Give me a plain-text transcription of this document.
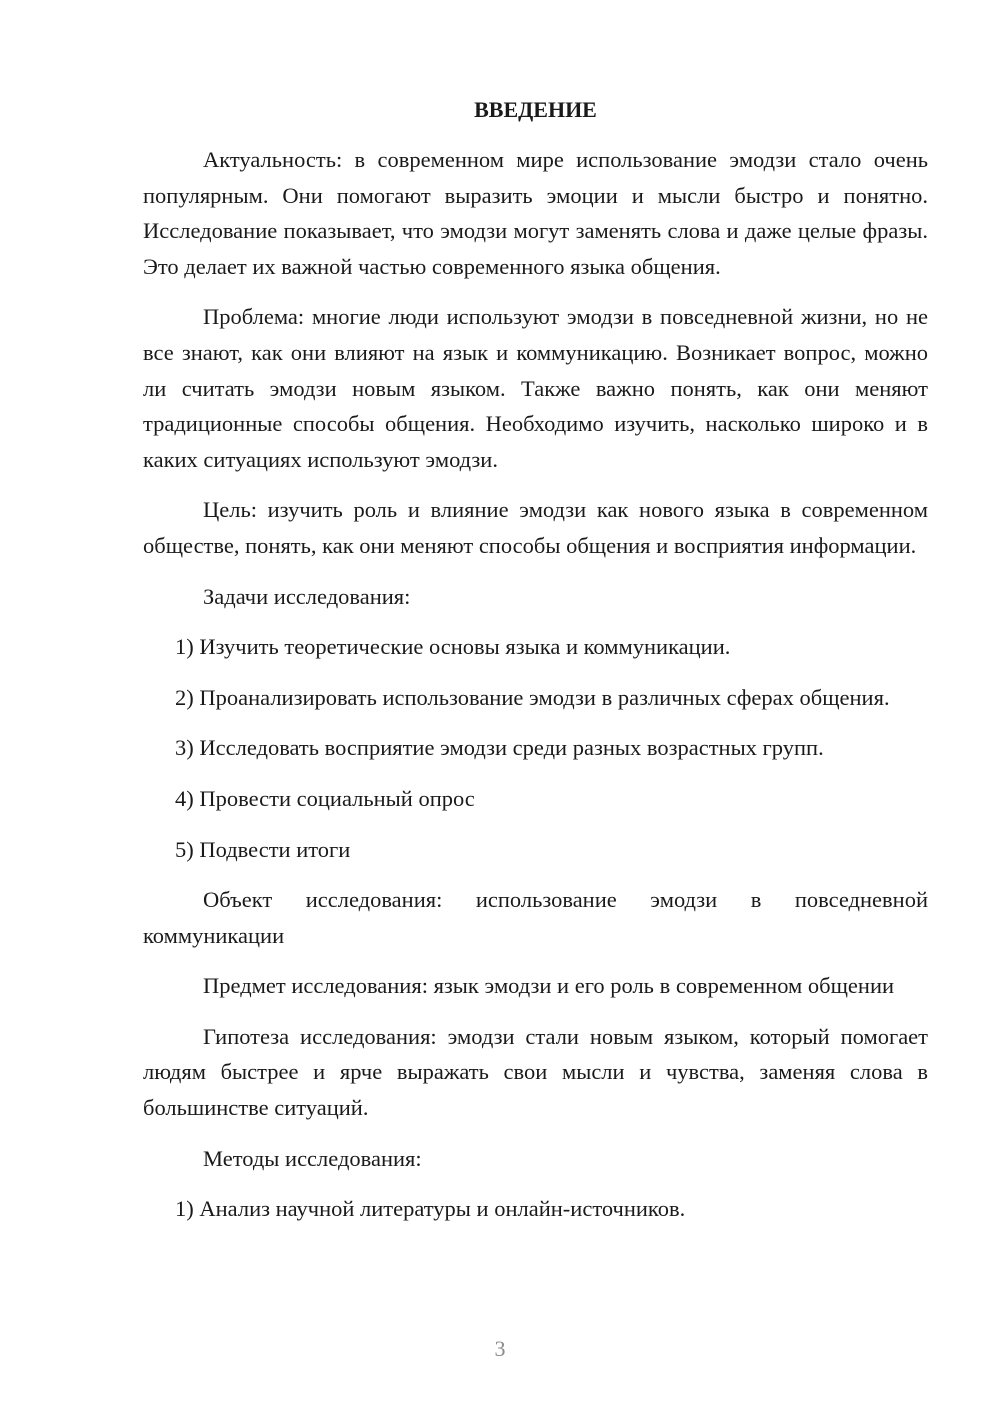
ВВЕДЕНИЕ

Актуальность: в современном мире использование эмодзи стало очень популярным. Они помогают выразить эмоции и мысли быстро и понятно. Исследование показывает, что эмодзи могут заменять слова и даже целые фразы. Это делает их важной частью современного языка общения.

Проблема: многие люди используют эмодзи в повседневной жизни, но не все знают, как они влияют на язык и коммуникацию. Возникает вопрос, можно ли считать эмодзи новым языком. Также важно понять, как они меняют традиционные способы общения. Необходимо изучить, насколько широко и в каких ситуациях используют эмодзи.

Цель: изучить роль и влияние эмодзи как нового языка в современном обществе, понять, как они меняют способы общения и восприятия информации.

Задачи исследования:

1) Изучить теоретические основы языка и коммуникации.

2) Проанализировать использование эмодзи в различных сферах общения.

3) Исследовать восприятие эмодзи среди разных возрастных групп.

4) Провести социальный опрос

5) Подвести итоги

Объект исследования: использование эмодзи в повседневной коммуникации

Предмет исследования: язык эмодзи и его роль в современном общении

Гипотеза исследования: эмодзи стали новым языком, который помогает людям быстрее и ярче выражать свои мысли и чувства, заменяя слова в большинстве ситуаций.

Методы исследования:

1) Анализ научной литературы и онлайн-источников.

3
